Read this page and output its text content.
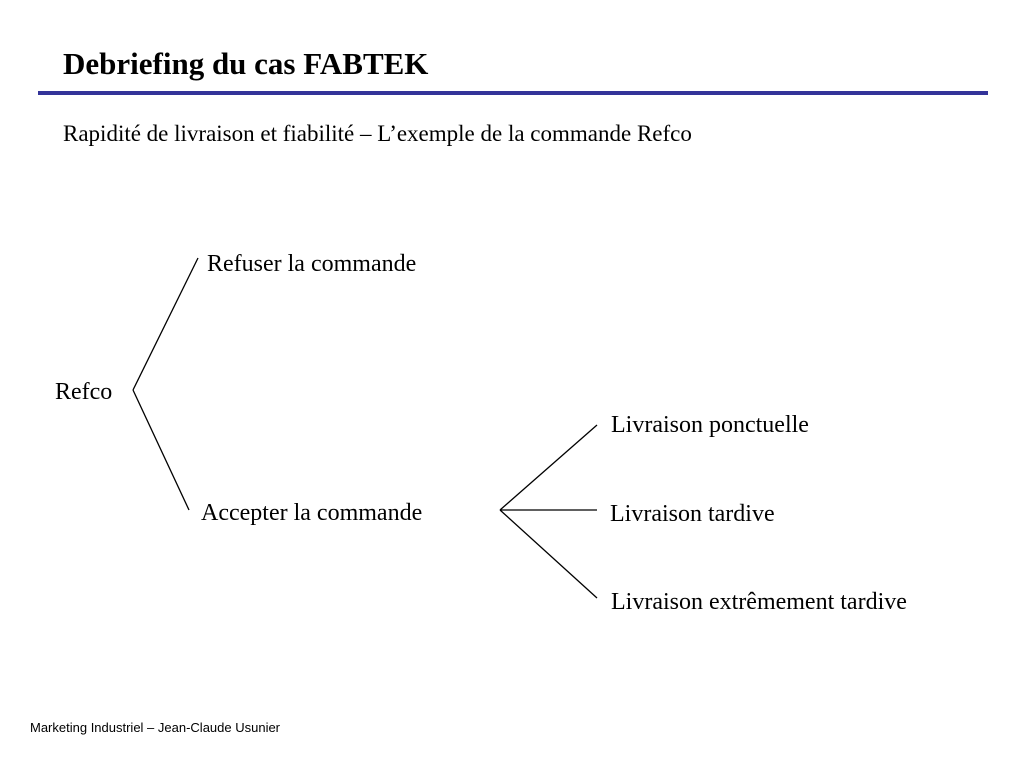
Debriefing du cas FABTEK
Rapidité de livraison et fiabilité – L’exemple de la commande Refco
Refco
Refuser la commande
Accepter la commande
Livraison ponctuelle
Livraison tardive
Livraison extrêmement tardive
Marketing Industriel – Jean-Claude Usunier
